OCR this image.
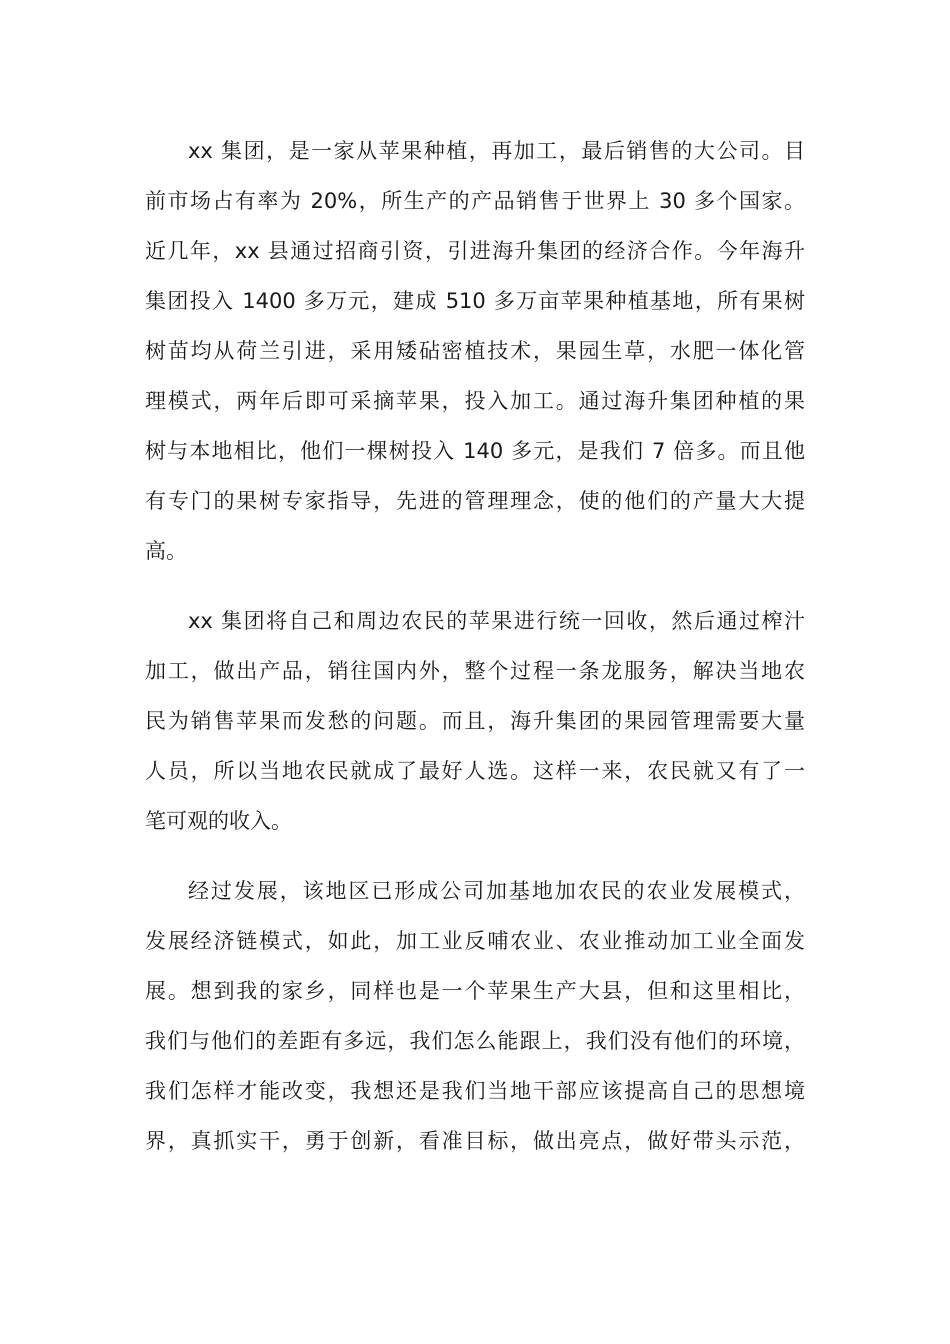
xx 集团，是一家从苹果种植，再加工，最后销售的大公司。目
前市场占有率为 20%，所生产的产品销售于世界上 30 多个国家。
近几年，xx 县通过招商引资，引进海升集团的经济合作。今年海升
集团投入 1400 多万元，建成 510 多万亩苹果种植基地，所有果树
树苗均从荷兰引进，采用矮砧密植技术，果园生草，水肥一体化管
理模式，两年后即可采摘苹果，投入加工。通过海升集团种植的果
树与本地相比，他们一棵树投入 140 多元，是我们 7 倍多。而且他
有专门的果树专家指导，先进的管理理念，使的他们的产量大大提
高。
xx 集团将自己和周边农民的苹果进行统一回收，然后通过榨汁
加工，做出产品，销往国内外，整个过程一条龙服务，解决当地农
民为销售苹果而发愁的问题。而且，海升集团的果园管理需要大量
人员，所以当地农民就成了最好人选。这样一来，农民就又有了一
笔可观的收入。
经过发展，该地区已形成公司加基地加农民的农业发展模式，
发展经济链模式，如此，加工业反哺农业、农业推动加工业全面发
展。想到我的家乡，同样也是一个苹果生产大县，但和这里相比，
我们与他们的差距有多远，我们怎么能跟上，我们没有他们的环境，
我们怎样才能改变，我想还是我们当地干部应该提高自己的思想境
界，真抓实干，勇于创新，看准目标，做出亮点，做好带头示范，
